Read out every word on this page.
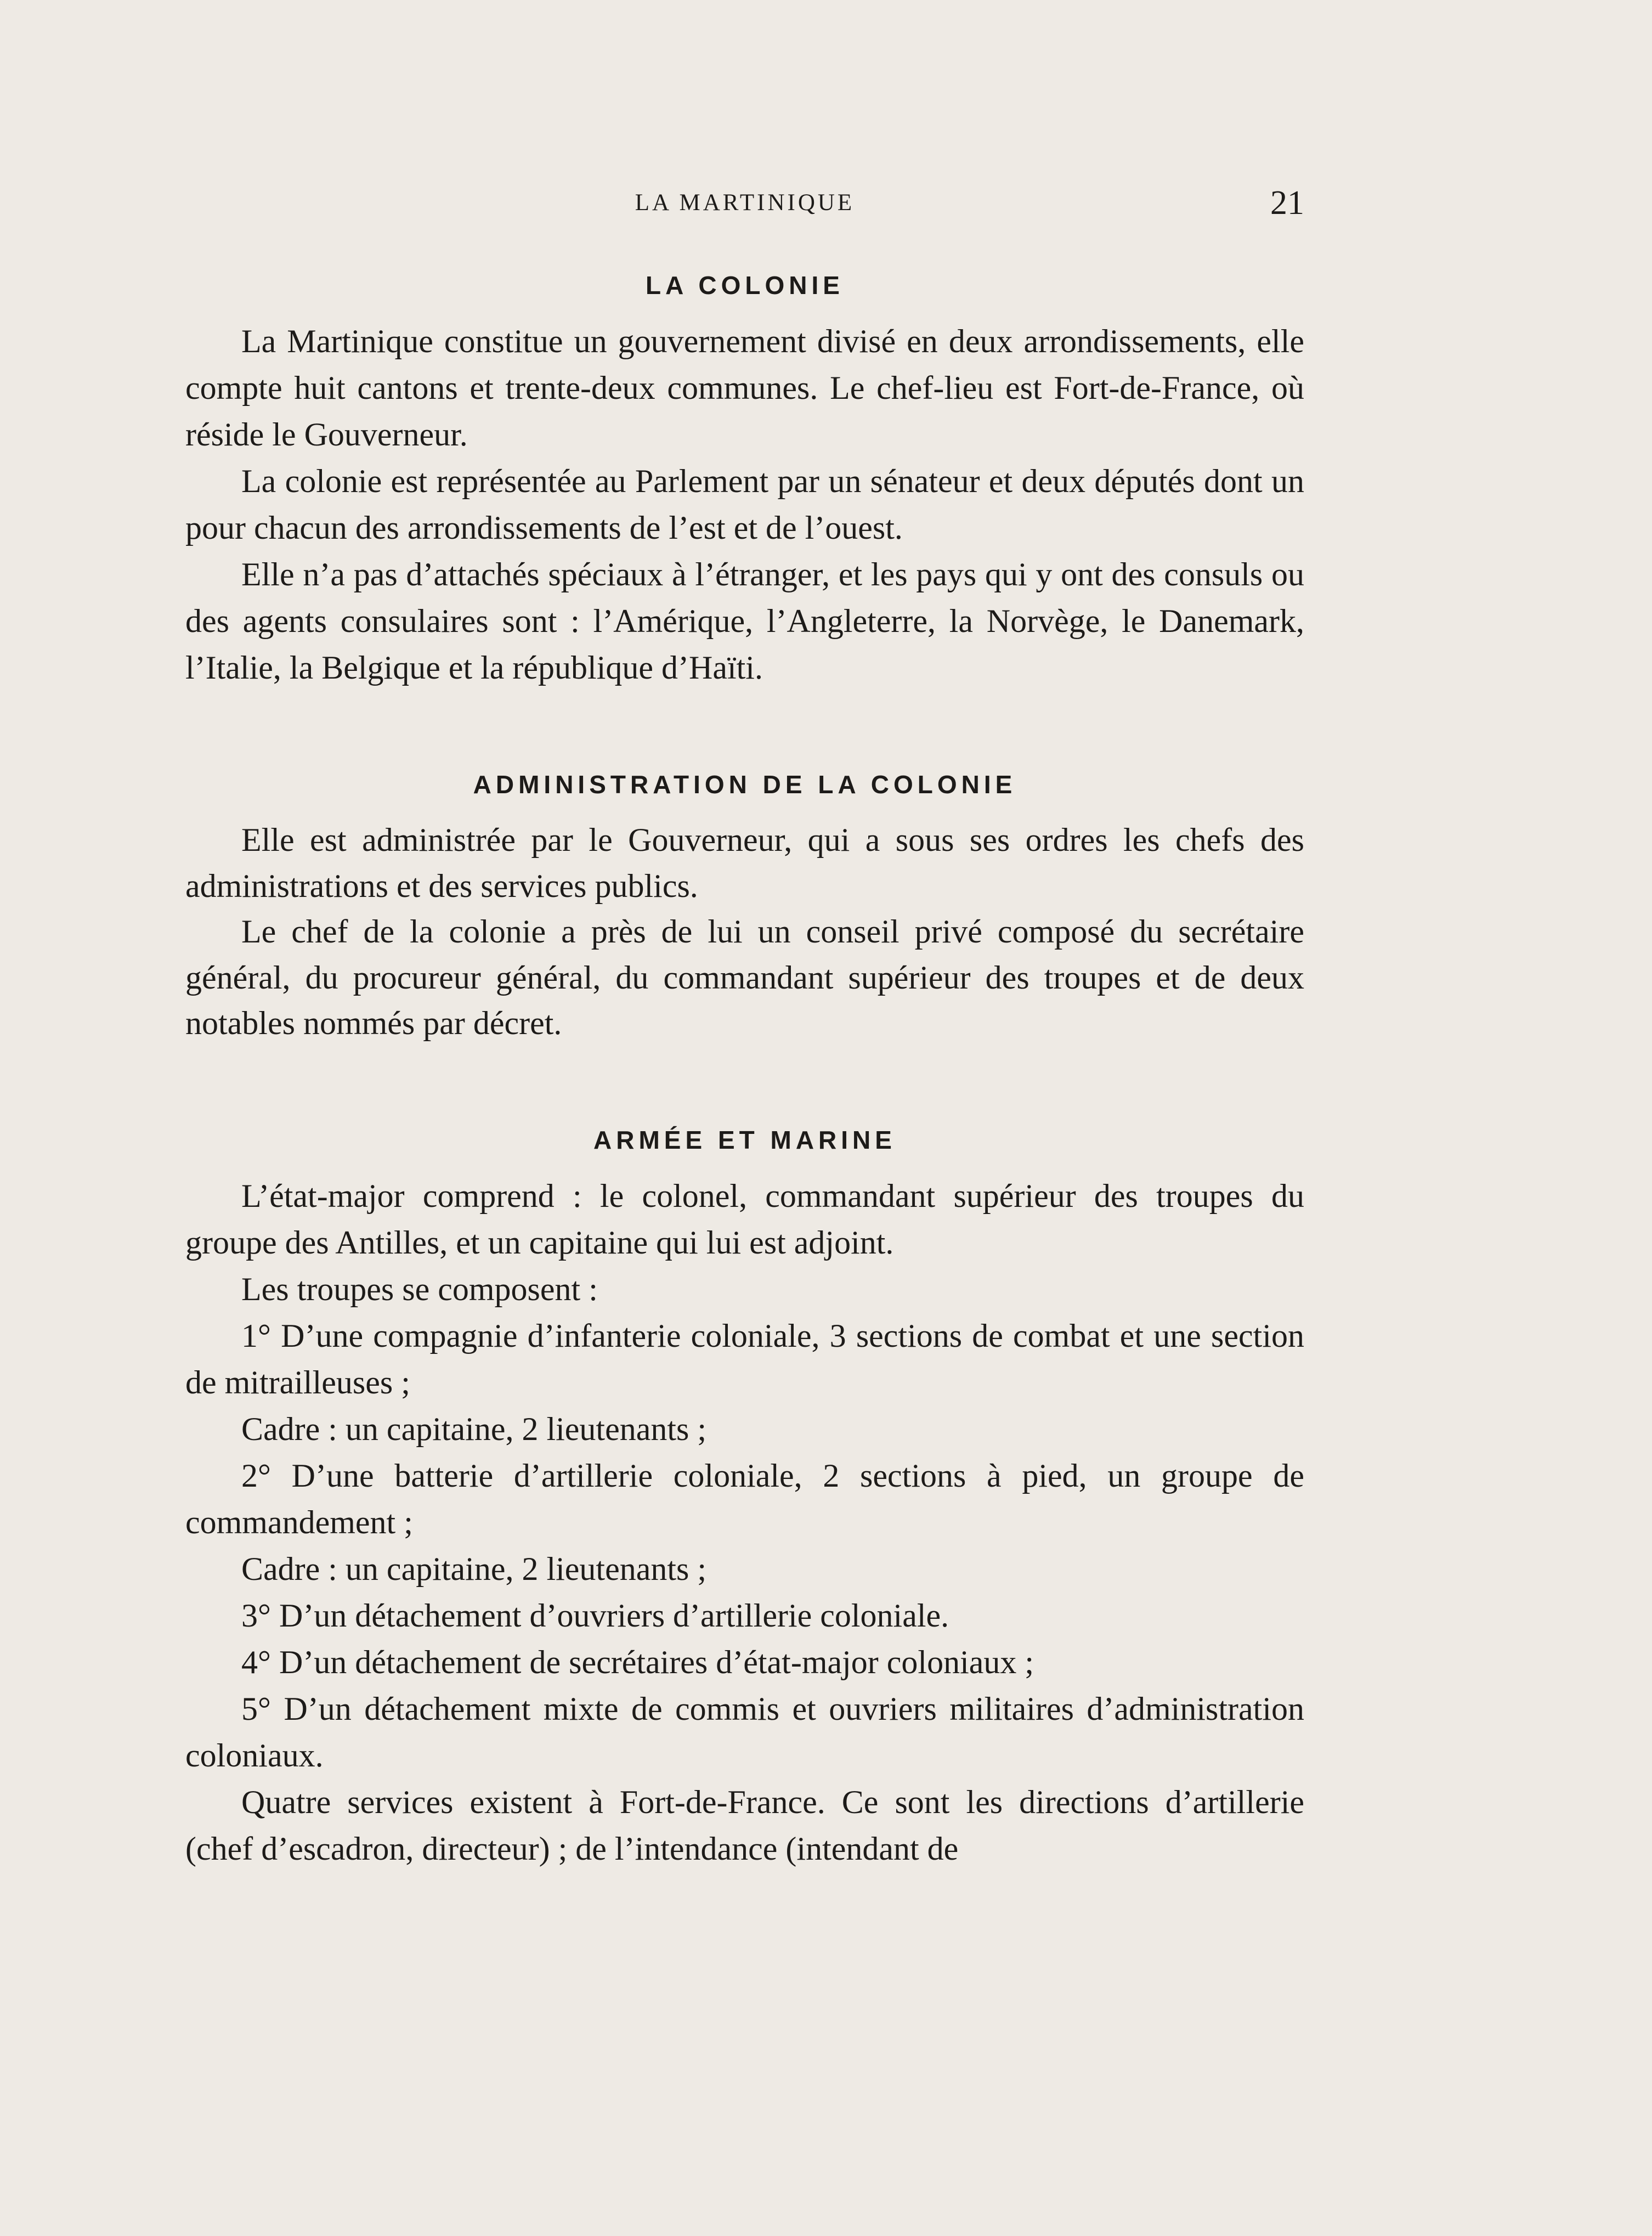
LA MARTINIQUE	21
LA COLONIE

La Martinique constitue un gouvernement divisé en deux arrondissements, elle compte huit cantons et trente-deux communes. Le chef-lieu est Fort-de-France, où réside le Gouverneur.

La colonie est représentée au Parlement par un sénateur et deux députés dont un pour chacun des arrondissements de l’est et de l’ouest.

Elle n’a pas d’attachés spéciaux à l’étranger, et les pays qui y ont des consuls ou des agents consulaires sont : l’Amérique, l’Angleterre, la Norvège, le Danemark, l’Italie, la Belgique et la république d’Haïti.

ADMINISTRATION DE LA COLONIE

Elle est administrée par le Gouverneur, qui a sous ses ordres les chefs des administrations et des services publics.

Le chef de la colonie a près de lui un conseil privé composé du secrétaire général, du procureur général, du commandant supérieur des troupes et de deux notables nommés par décret.

ARMÉE ET MARINE

L’état-major comprend : le colonel, commandant supérieur des troupes du groupe des Antilles, et un capitaine qui lui est adjoint.

Les troupes se composent :

1° D’une compagnie d’infanterie coloniale, 3 sections de combat et une section de mitrailleuses ;

Cadre : un capitaine, 2 lieutenants ;

2° D’une batterie d’artillerie coloniale, 2 sections à pied, un groupe de commandement ;

Cadre : un capitaine, 2 lieutenants ;

3° D’un détachement d’ouvriers d’artillerie coloniale.

4° D’un détachement de secrétaires d’état-major coloniaux ;

5° D’un détachement mixte de commis et ouvriers militaires d’administration coloniaux.

Quatre services existent à Fort-de-France. Ce sont les directions d’artillerie (chef d’escadron, directeur) ; de l’intendance (intendant de
